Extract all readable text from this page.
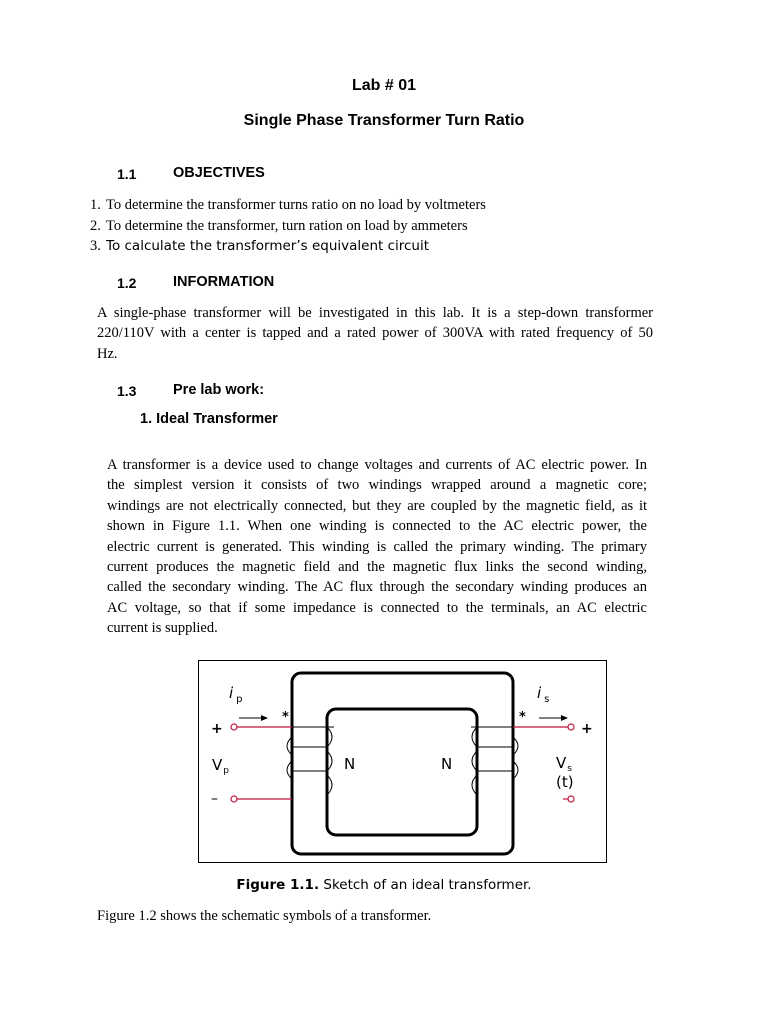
Lab # 01
Single Phase Transformer Turn Ratio
1.1	OBJECTIVES
1. To determine the transformer turns ratio on no load by voltmeters
2. To determine the transformer, turn ration on load by ammeters
3. To calculate the transformer’s equivalent circuit
1.2	INFORMATION
A single-phase transformer will be investigated in this lab. It is a step-down transformer
220/110V with a center is tapped and a rated power of 300VA with rated frequency of 50
Hz.
1.3	Pre lab work:
1. Ideal Transformer
A transformer is a device used to change voltages and currents of AC electric power. In
the simplest version it consists of two windings wrapped around a magnetic core;
windings are not electrically connected, but they are coupled by the magnetic field, as it
shown in Figure 1.1. When one winding is connected to the AC electric power, the
electric current is generated. This winding is called the primary winding. The primary
current produces the magnetic field and the magnetic flux links the second winding,
called the secondary winding. The AC flux through the secondary winding produces an
AC voltage, so that if some impedance is connected to the terminals, an AC electric
current is supplied.
i $_p$	i $_s$
+	+
–
*	*
N	N
$V_p$	$V_s$
(t)
Figure 1.1. Sketch of an ideal transformer.
Figure 1.2 shows the schematic symbols of a transformer.
